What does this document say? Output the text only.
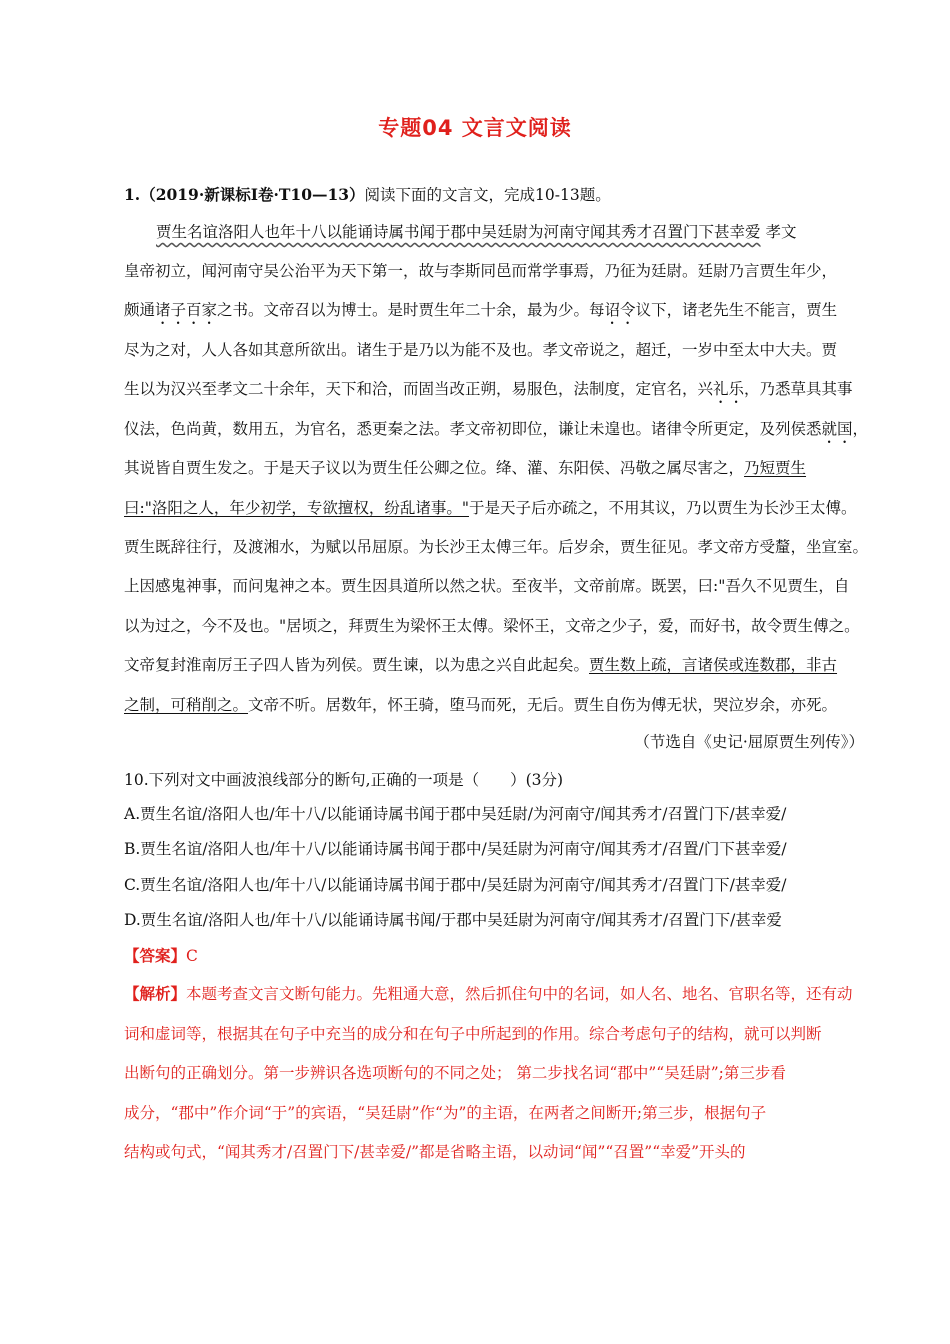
专题04 文言文阅读
1.（2019·新课标Ⅰ卷·T10—13）阅读下面的文言文，完成10-13题。
贾生名谊洛阳人也年十八以能诵诗属书闻于郡中吴廷尉为河南守闻其秀才召置门下甚幸爱 孝文
皇帝初立，闻河南守吴公治平为天下第一，故与李斯同邑而常学事焉，乃征为廷尉。廷尉乃言贾生年少，
颇通诸子百家之书。文帝召以为博士。是时贾生年二十余，最为少。每诏令议下，诸老先生不能言，贾生
尽为之对，人人各如其意所欲出。诸生于是乃以为能不及也。孝文帝说之，超迁，一岁中至太中大夫。贾
生以为汉兴至孝文二十余年，天下和洽，而固当改正朔，易服色，法制度，定官名，兴礼乐，乃悉草具其事
仪法，色尚黄，数用五，为官名，悉更秦之法。孝文帝初即位，谦让未遑也。诸律令所更定，及列侯悉就国，
其说皆自贾生发之。于是天子议以为贾生任公卿之位。绛、灌、东阳侯、冯敬之属尽害之，乃短贾生
曰:"洛阳之人，年少初学，专欲擅权，纷乱诸事。"于是天子后亦疏之，不用其议，乃以贾生为长沙王太傅。
贾生既辞往行，及渡湘水，为赋以吊屈原。为长沙王太傅三年。后岁余，贾生征见。孝文帝方受釐，坐宣室。
上因感鬼神事，而问鬼神之本。贾生因具道所以然之状。至夜半，文帝前席。既罢，曰:"吾久不见贾生，自
以为过之，今不及也。"居顷之，拜贾生为梁怀王太傅。梁怀王，文帝之少子，爱，而好书，故令贾生傅之。
文帝复封淮南厉王子四人皆为列侯。贾生谏，以为患之兴自此起矣。贾生数上疏，言诸侯或连数郡，非古
之制，可稍削之。文帝不听。居数年，怀王骑，堕马而死，无后。贾生自伤为傅无状，哭泣岁余，亦死。
（节选自《史记·屈原贾生列传》）
10.下列对文中画波浪线部分的断句,正确的一项是（　　）(3分)
A.贾生名谊/洛阳人也/年十八/以能诵诗属书闻于郡中吴廷尉/为河南守/闻其秀才/召置门下/甚幸爱/
B.贾生名谊/洛阳人也/年十八/以能诵诗属书闻于郡中/吴廷尉为河南守/闻其秀才/召置/门下甚幸爱/
C.贾生名谊/洛阳人也/年十八/以能诵诗属书闻于郡中/吴廷尉为河南守/闻其秀才/召置门下/甚幸爱/
D.贾生名谊/洛阳人也/年十八/以能诵诗属书闻/于郡中吴廷尉为河南守/闻其秀才/召置门下/甚幸爱
【答案】C
【解析】本题考查文言文断句能力。先粗通大意，然后抓住句中的名词，如人名、地名、官职名等，还有动
词和虚词等，根据其在句子中充当的成分和在句子中所起到的作用。综合考虑句子的结构，就可以判断
出断句的正确划分。第一步辨识各选项断句的不同之处； 第二步找名词“郡中”“吴廷尉”;第三步看
成分，“郡中”作介词“于”的宾语，“吴廷尉”作“为”的主语，在两者之间断开;第三步，根据句子
结构或句式，“闻其秀才/召置门下/甚幸爱/”都是省略主语，以动词“闻”“召置”“幸爱”开头的
